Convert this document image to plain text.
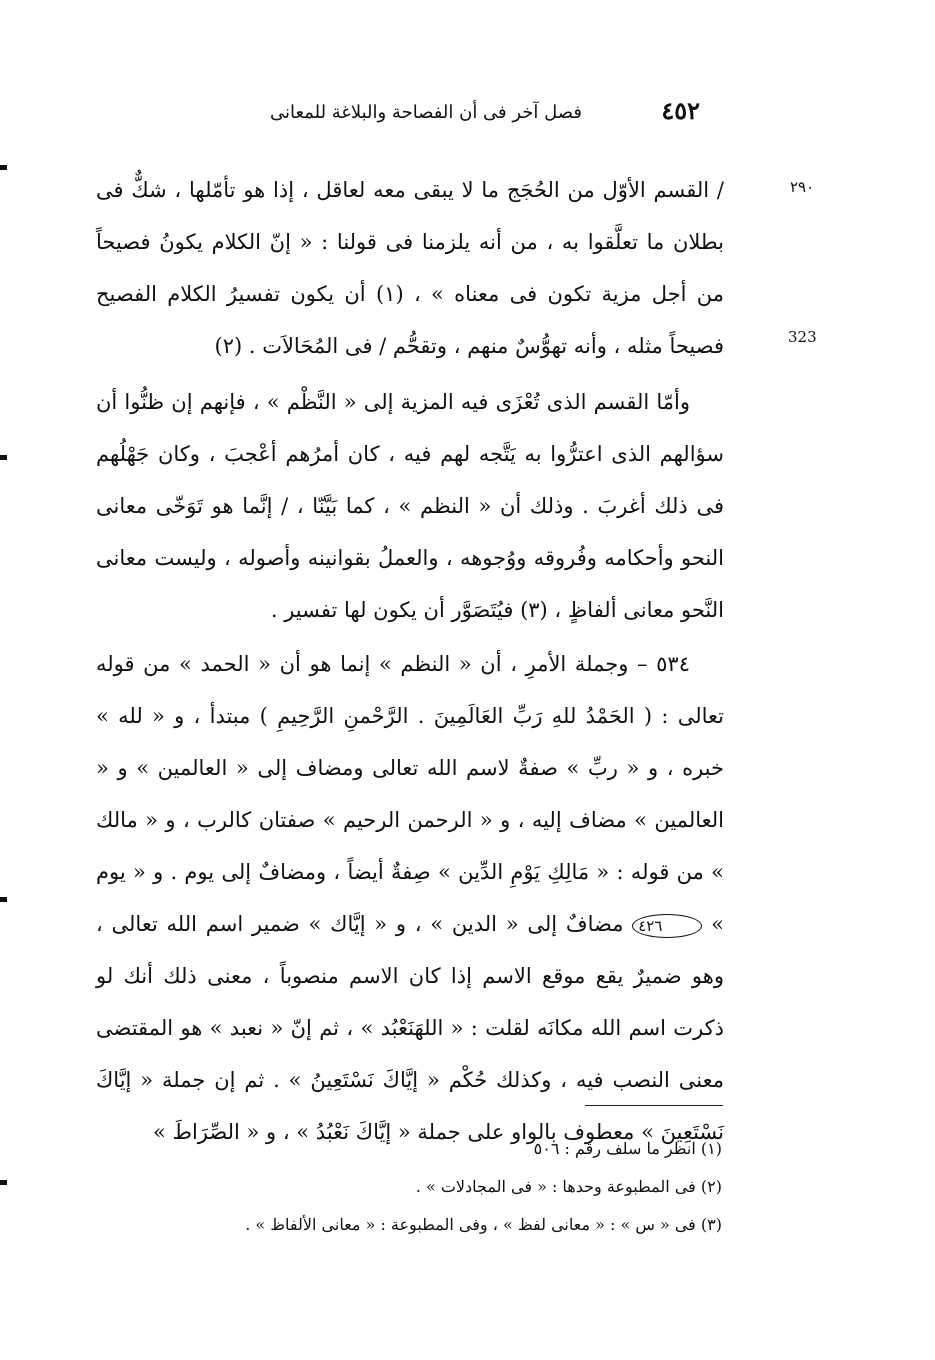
٤٥٢
فصل آخر فى أن الفصاحة والبلاغة للمعانى
٢٩٠
323

/ القسم الأوّل من الحُجَج ما لا يبقى معه لعاقل ، إذا هو تأمّلها ، شكٌّ فى بطلان ما تعلَّقوا به ، من أنه يلزمنا فى قولنا : « إنّ الكلام يكونُ فصيحاً من أجل مزية تكون فى معناه » ، (١) أن يكون تفسيرُ الكلام الفصيح فصيحاً مثله ، وأنه تهوُّسٌ منهم ، وتقحُّم / فى المُحَالاَت . (٢)

وأمّا القسم الذى تُعْزَى فيه المزية إلى « النَّظْم » ، فإنهم إن ظنُّوا أن سؤالهم الذى اعترُّوا به يَتَّجه لهم فيه ، كان أمرُهم أعْجبَ ، وكان جَهْلُهم فى ذلك أغربَ . وذلك أن « النظم » ، كما بَيَّنّا ، / إنَّما هو تَوَخّى معانى النحو وأحكامه وفُروقه ووُجوهه ، والعملُ بقوانينه وأصوله ، وليست معانى النَّحو معانى ألفاظٍ ، (٣) فيُتَصَوَّر أن يكون لها تفسير .

٥٣٤ – وجملة الأمرِ ، أن « النظم » إنما هو أن « الحمد » من قوله تعالى : ( الحَمْدُ للهِ رَبِّ العَالَمِينَ . الرَّحْمنِ الرَّحِيمِ ) مبتدأ ، و « لله » خبره ، و « ربِّ » صفةٌ لاسم الله تعالى ومضاف إلى « العالمين » و « العالمين » مضاف إليه ، و « الرحمن الرحيم » صفتان كالرب ، و « مالك » من قوله : « مَالِكِ يَوْمِ الدِّين » صِفةٌ أيضاً ، ومضافٌ إلى يوم . و « يوم » ٤٢٦ مضافٌ إلى « الدين » ، و « إيَّاك » ضمير اسم الله تعالى ، وهو ضميرٌ يقع موقع الاسم إذا كان الاسم منصوباً ، معنى ذلك أنك لو ذكرت اسم الله مكانَه لقلت : « اللهَنَعْبُد » ، ثم إنّ « نعبد » هو المقتضى معنى النصب فيه ، وكذلك حُكْم « إيَّاكَ نَسْتَعِينُ » . ثم إن جملة « إيَّاكَ نَسْتَعِينَ » معطوف بالواو على جملة « إيَّاكَ نَعْبُدُ » ، و « الصِّرَاطَ »

(١) انظر ما سلف رقم : ٥٠٦
(٢) فى المطبوعة وحدها : « فى المجادلات » .
(٣) فى « س » : « معانى لفظ » ، وفى المطبوعة : « معانى الألفاظ » .
